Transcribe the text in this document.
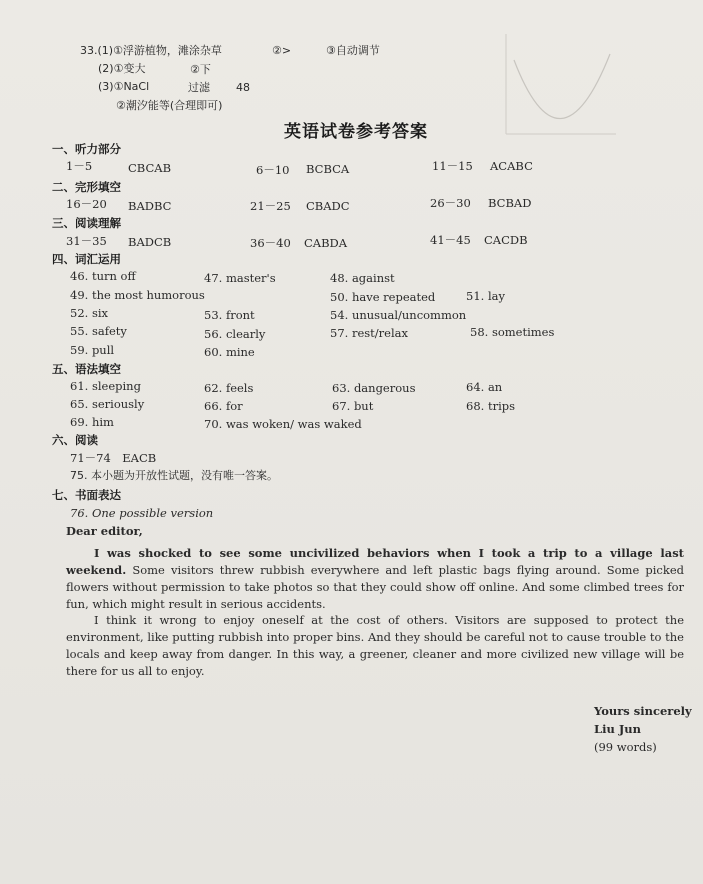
33.(1)①浮游植物，滩涂杂草	②>	③自动调节
(2)①变大	②下
(3)①NaCl	过滤 48
②潮汐能等(合理即可)
英语试卷参考答案
一、听力部分
1－5	CBCAB	6－10 BCBCA	11－15 ACABC
二、完形填空
16－20 BADBC	21－25 CBADC	26－30 BCBAD
三、阅读理解
31－35 BADCB	36－40 CABDA	41－45 CACDB
四、词汇运用
46. turn off	47. master's	48. against
49. the most humorous	50. have repeated	51. lay
52. six	53. front	54. unusual/uncommon
55. safety	56. clearly	57. rest/relax	58. sometimes
59. pull	60. mine
五、语法填空
61. sleeping	62. feels	63. dangerous	64. an
65. seriously	66. for	67. but	68. trips
69. him	70. was woken/ was waked
六、阅读
71－74　EACB
75. 本小题为开放性试题，没有唯一答案。
七、书面表达
76. One possible version
Dear editor,
I was shocked to see some uncivilized behaviors when I took a trip to a village last weekend. Some visitors threw rubbish everywhere and left plastic bags flying around. Some picked flowers without permission to take photos so that they could show off online. And some climbed trees for fun, which might result in serious accidents.
I think it wrong to enjoy oneself at the cost of others. Visitors are supposed to protect the environment, like putting rubbish into proper bins. And they should be careful not to cause trouble to the locals and keep away from danger. In this way, a greener, cleaner and more civilized new village will be there for us all to enjoy.
Yours sincerely
Liu Jun
(99 words)
